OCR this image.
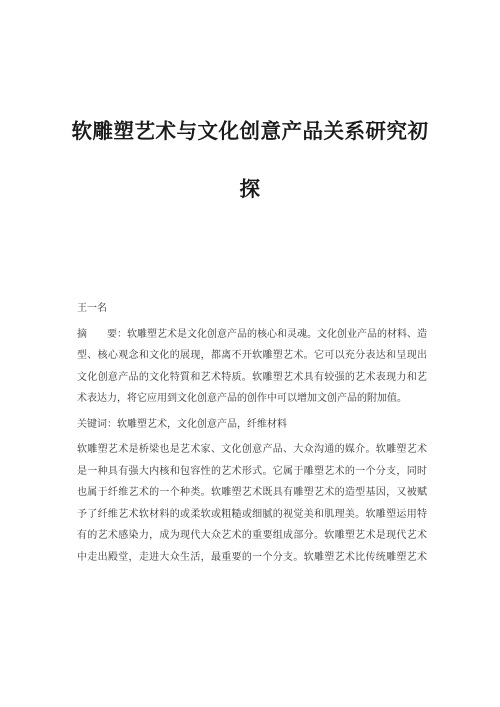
软雕塑艺术与文化创意产品关系研究初
探
王一名
摘　　要：软雕塑艺术是文化创意产品的核心和灵魂。文化创业产品的材料、造
型、核心观念和文化的展现，都离不开软雕塑艺术。它可以充分表达和呈现出
文化创意产品的文化特質和艺术特质。软雕塑艺术具有较强的艺术表现力和艺
术表达力，将它应用到文化创意产品的创作中可以增加文创产品的附加值。
关键词：软雕塑艺术，文化创意产品，纤维材料
软雕塑艺术是桥梁也是艺术家、文化创意产品、大众沟通的媒介。软雕塑艺术
是一种具有强大内核和包容性的艺术形式。它属于雕塑艺术的一个分支，同时
也属于纤维艺术的一个种类。软雕塑艺术既具有雕塑艺术的造型基因，又被赋
予了纤维艺术软材料的或柔软或粗糙或细腻的视觉美和肌理美。软雕塑运用特
有的艺术感染力，成为现代大众艺术的重要组成部分。软雕塑艺术是现代艺术
中走出殿堂，走进大众生活，最重要的一个分支。软雕塑艺术比传统雕塑艺术
